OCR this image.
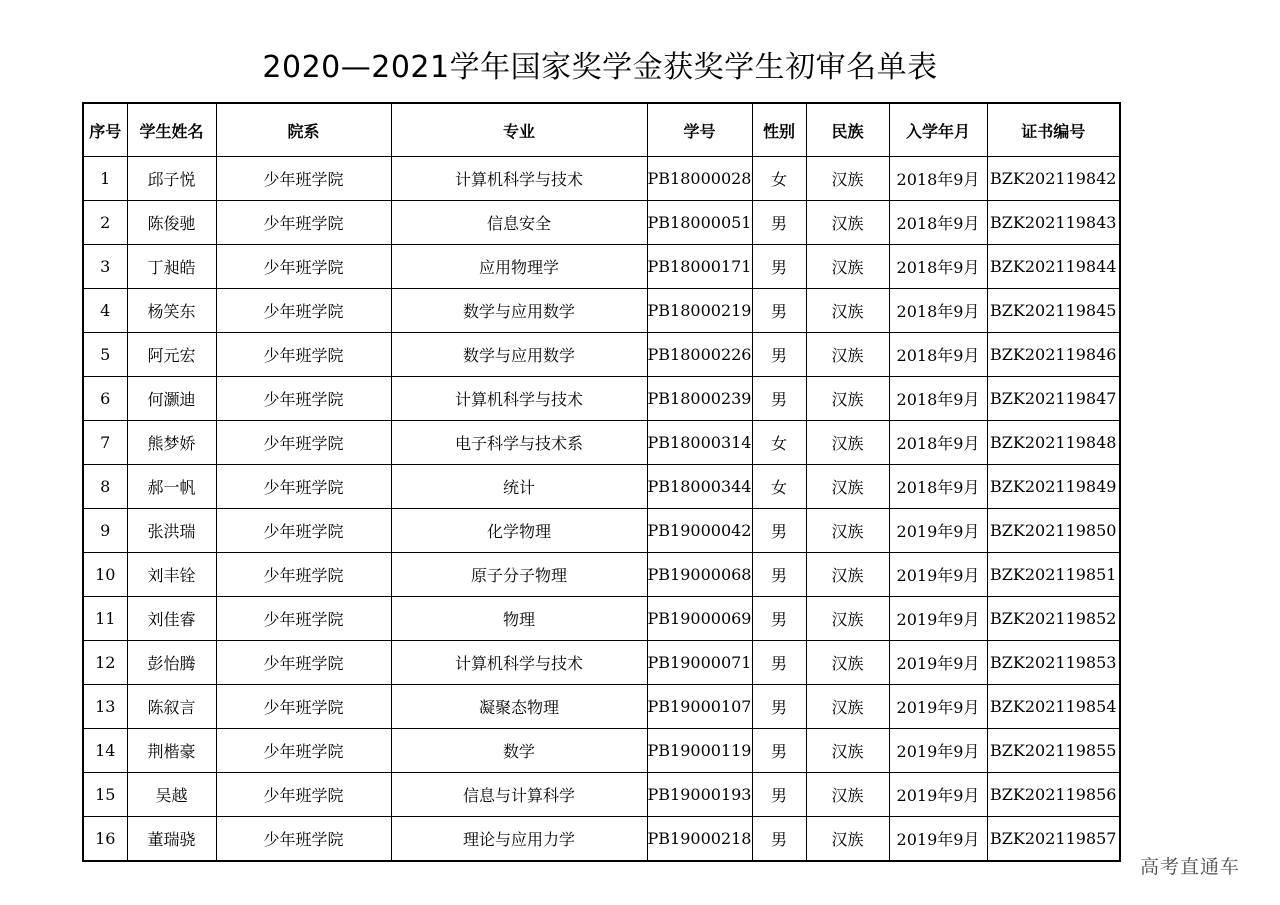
2020—2021学年国家奖学金获奖学生初审名单表
序号	学生姓名	院系	专业	学号	性别	民族	入学年月	证书编号
1	邱子悦	少年班学院	计算机科学与技术	PB18000028	女	汉族	2018年9月	BZK202119842
2	陈俊驰	少年班学院	信息安全	PB18000051	男	汉族	2018年9月	BZK202119843
3	丁昶皓	少年班学院	应用物理学	PB18000171	男	汉族	2018年9月	BZK202119844
4	杨笑东	少年班学院	数学与应用数学	PB18000219	男	汉族	2018年9月	BZK202119845
5	阿元宏	少年班学院	数学与应用数学	PB18000226	男	汉族	2018年9月	BZK202119846
6	何灏迪	少年班学院	计算机科学与技术	PB18000239	男	汉族	2018年9月	BZK202119847
7	熊梦娇	少年班学院	电子科学与技术系	PB18000314	女	汉族	2018年9月	BZK202119848
8	郝一帆	少年班学院	统计	PB18000344	女	汉族	2018年9月	BZK202119849
9	张洪瑞	少年班学院	化学物理	PB19000042	男	汉族	2019年9月	BZK202119850
10	刘丰铨	少年班学院	原子分子物理	PB19000068	男	汉族	2019年9月	BZK202119851
11	刘佳睿	少年班学院	物理	PB19000069	男	汉族	2019年9月	BZK202119852
12	彭怡腾	少年班学院	计算机科学与技术	PB19000071	男	汉族	2019年9月	BZK202119853
13	陈叙言	少年班学院	凝聚态物理	PB19000107	男	汉族	2019年9月	BZK202119854
14	荆楷豪	少年班学院	数学	PB19000119	男	汉族	2019年9月	BZK202119855
15	吴越	少年班学院	信息与计算科学	PB19000193	男	汉族	2019年9月	BZK202119856
16	董瑞骁	少年班学院	理论与应用力学	PB19000218	男	汉族	2019年9月	BZK202119857
高考直通车
